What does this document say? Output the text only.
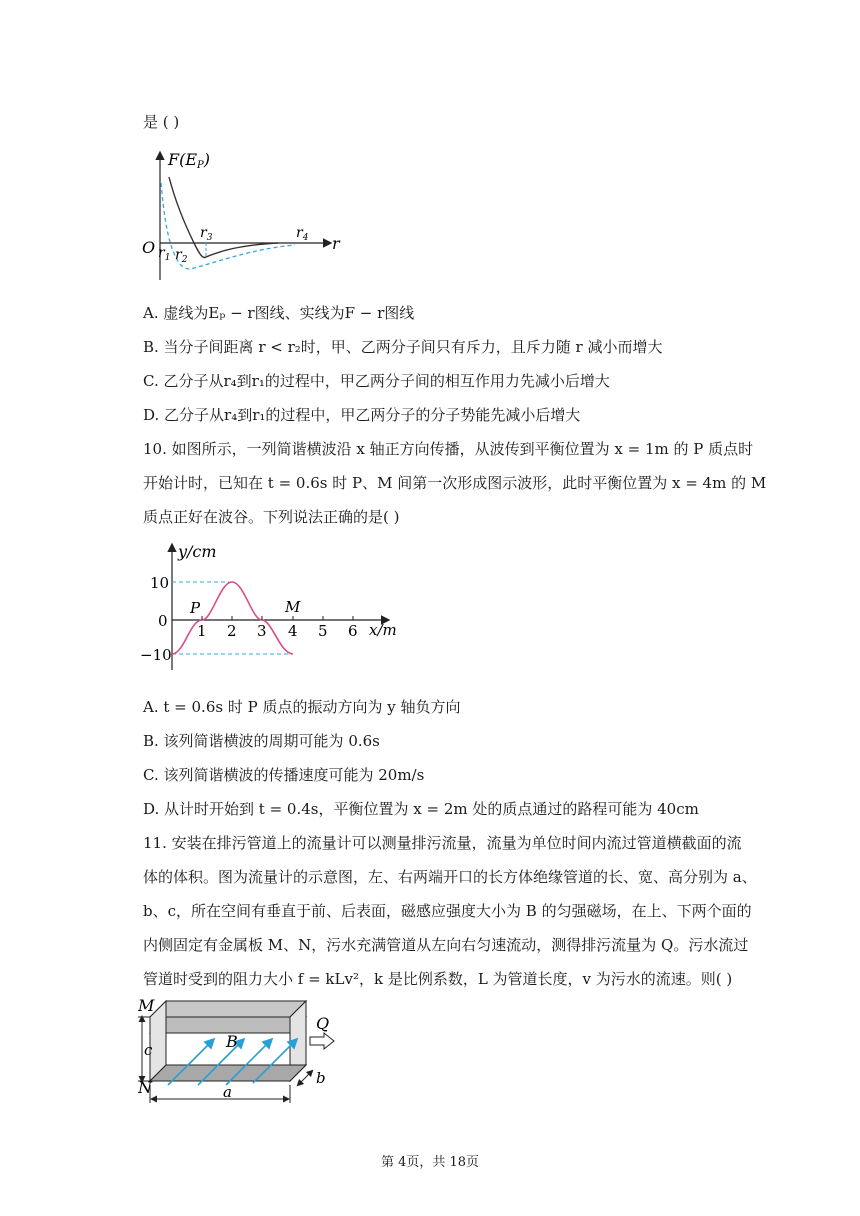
是 ( )
F(EP)
r
O $r_1$ $r_2$
$r_3$	$r_4$
A. 虚线为Eₚ − r图线、实线为F − r图线
B. 当分子间距离 r < r₂时，甲、乙两分子间只有斥力，且斥力随 r 减小而增大
C. 乙分子从r₄到r₁的过程中，甲乙两分子间的相互作用力先减小后增大
D. 乙分子从r₄到r₁的过程中，甲乙两分子的分子势能先减小后增大
10. 如图所示，一列简谐横波沿 x 轴正方向传播，从波传到平衡位置为 x = 1m 的 P 质点时
开始计时，已知在 t = 0.6s 时 P、M 间第一次形成图示波形，此时平衡位置为 x = 4m 的 M
质点正好在波谷。下列说法正确的是( )
y/cm
x/m
10
0
−10
P	M
1 2 3 4 5 6
A. t = 0.6s 时 P 质点的振动方向为 y 轴负方向
B. 该列简谐横波的周期可能为 0.6s
C. 该列简谐横波的传播速度可能为 20m/s
D. 从计时开始到 t = 0.4s，平衡位置为 x = 2m 处的质点通过的路程可能为 40cm
11. 安装在排污管道上的流量计可以测量排污流量，流量为单位时间内流过管道横截面的流
体的体积。图为流量计的示意图，左、右两端开口的长方体绝缘管道的长、宽、高分别为 a、
b、c，所在空间有垂直于前、后表面，磁感应强度大小为 B 的匀强磁场，在上、下两个面的
内侧固定有金属板 M、N，污水充满管道从左向右匀速流动，测得排污流量为 Q。污水流过
管道时受到的阻力大小 f = kLv²，k 是比例系数，L 为管道长度，v 为污水的流速。则( )
M
N
B
Q
c
a
b
第 4页，共 18页
